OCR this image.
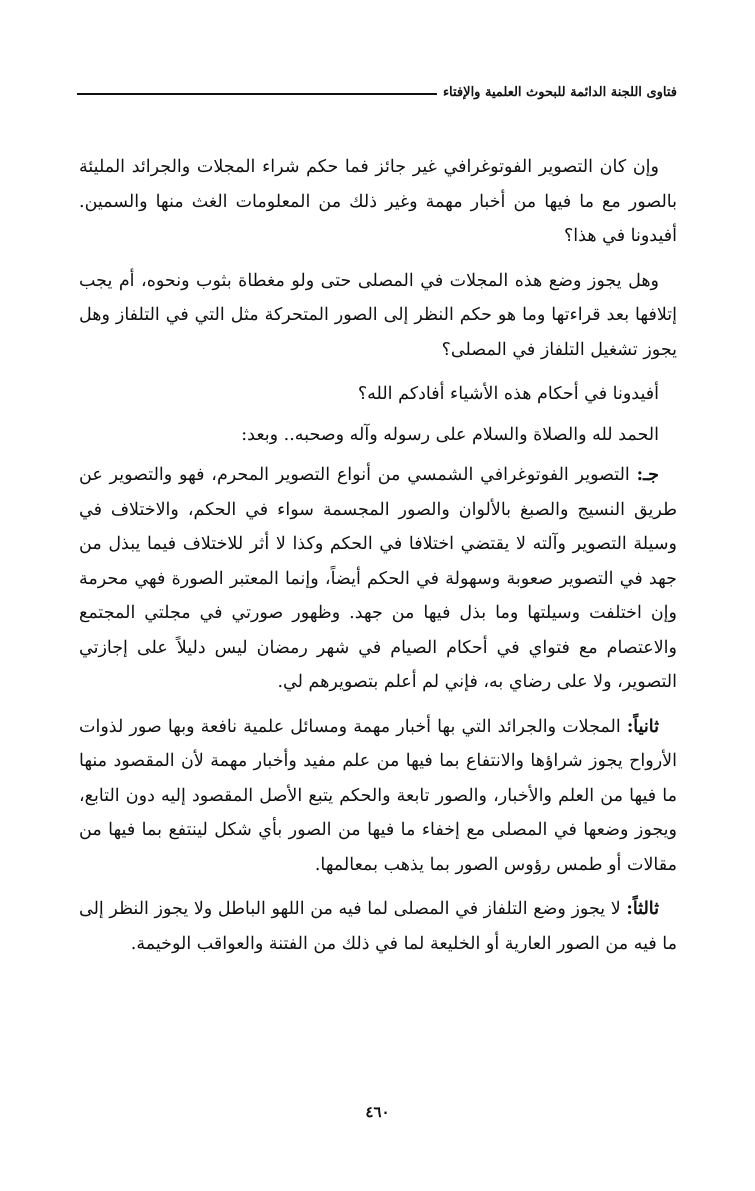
فتاوى اللجنة الدائمة للبحوث العلمية والإفتاء

وإن كان التصوير الفوتوغرافي غير جائز فما حكم شراء المجلات والجرائد المليئة بالصور مع ما فيها من أخبار مهمة وغير ذلك من المعلومات الغث منها والسمين. أفيدونا في هذا؟

وهل يجوز وضع هذه المجلات في المصلى حتى ولو مغطاة بثوب ونحوه، أم يجب إتلافها بعد قراءتها وما هو حكم النظر إلى الصور المتحركة مثل التي في التلفاز وهل يجوز تشغيل التلفاز في المصلى؟

أفيدونا في أحكام هذه الأشياء أفادكم الله؟

الحمد لله والصلاة والسلام على رسوله وآله وصحبه.. وبعد:

جـ: التصوير الفوتوغرافي الشمسي من أنواع التصوير المحرم، فهو والتصوير عن طريق النسيج والصبغ بالألوان والصور المجسمة سواء في الحكم، والاختلاف في وسيلة التصوير وآلته لا يقتضي اختلافا في الحكم وكذا لا أثر للاختلاف فيما يبذل من جهد في التصوير صعوبة وسهولة في الحكم أيضاً، وإنما المعتبر الصورة فهي محرمة وإن اختلفت وسيلتها وما بذل فيها من جهد. وظهور صورتي في مجلتي المجتمع والاعتصام مع فتواي في أحكام الصيام في شهر رمضان ليس دليلاً على إجازتي التصوير، ولا على رضاي به، فإني لم أعلم بتصويرهم لي.

ثانياً: المجلات والجرائد التي بها أخبار مهمة ومسائل علمية نافعة وبها صور لذوات الأرواح يجوز شراؤها والانتفاع بما فيها من علم مفيد وأخبار مهمة لأن المقصود منها ما فيها من العلم والأخبار، والصور تابعة والحكم يتبع الأصل المقصود إليه دون التابع، ويجوز وضعها في المصلى مع إخفاء ما فيها من الصور بأي شكل لينتفع بما فيها من مقالات أو طمس رؤوس الصور بما يذهب بمعالمها.

ثالثاً: لا يجوز وضع التلفاز في المصلى لما فيه من اللهو الباطل ولا يجوز النظر إلى ما فيه من الصور العارية أو الخليعة لما في ذلك من الفتنة والعواقب الوخيمة.

٤٦٠
